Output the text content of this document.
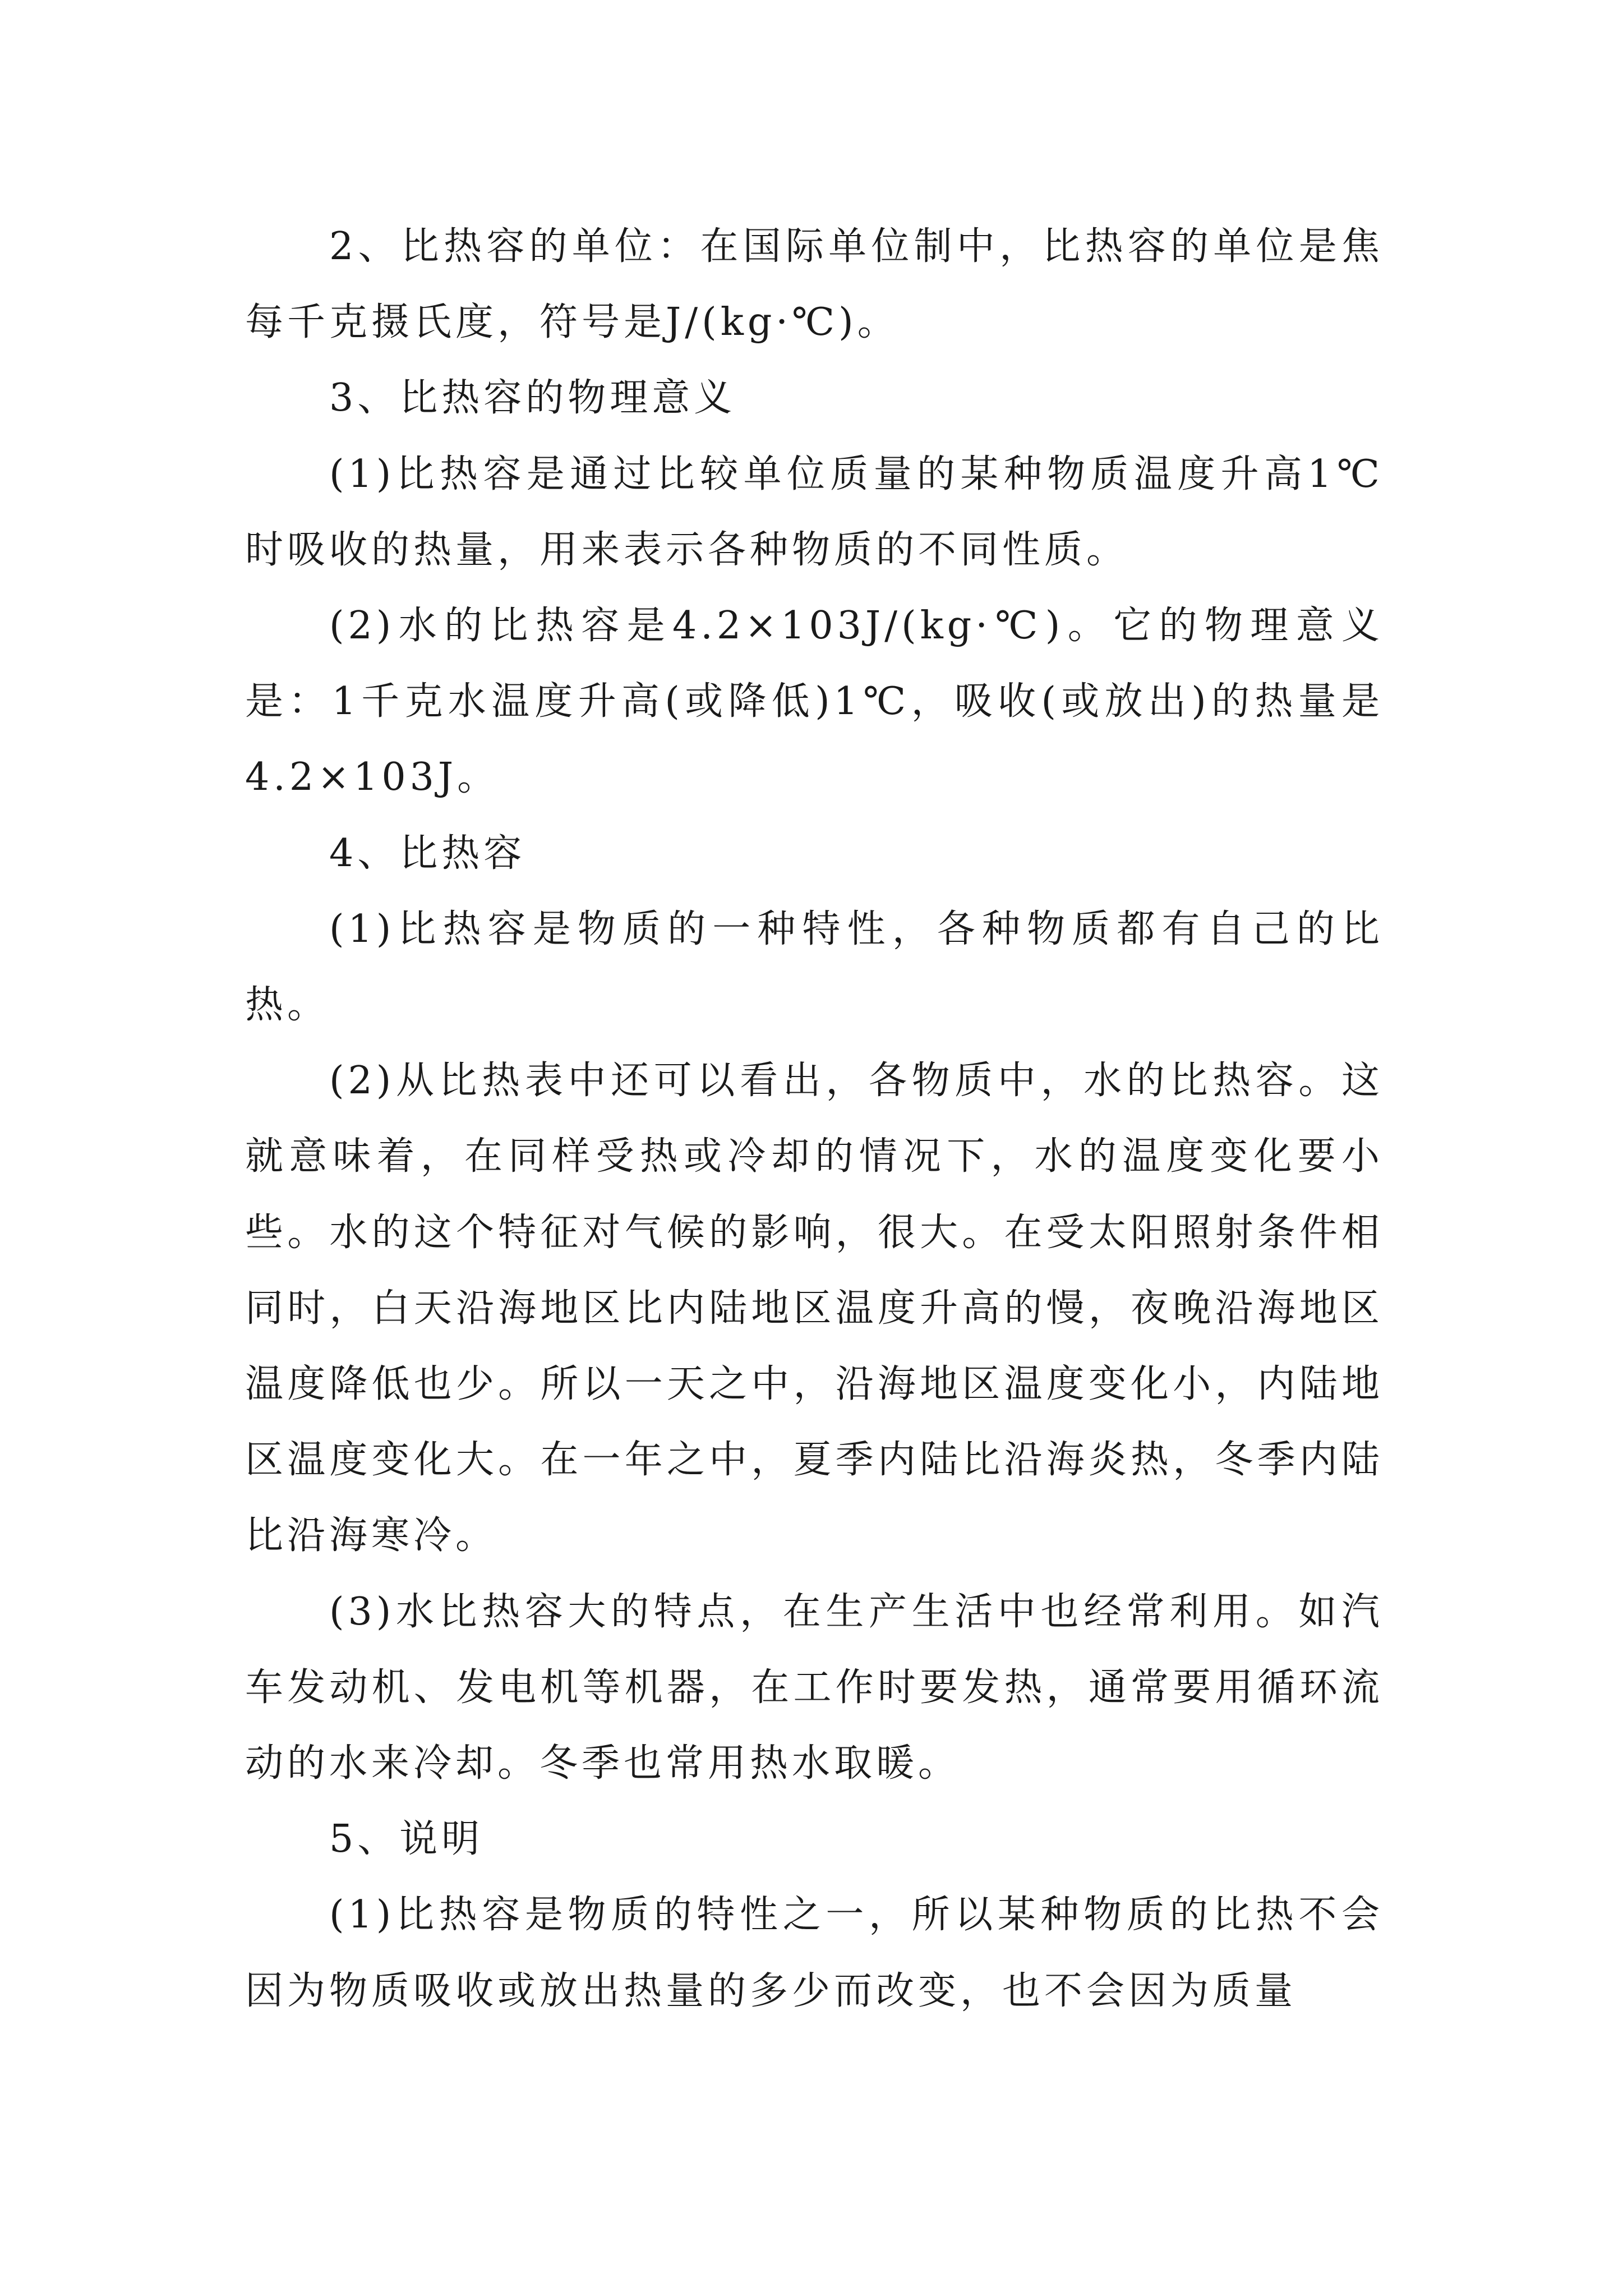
2、比热容的单位：在国际单位制中，比热容的单位是焦每千克摄氏度，符号是J/(kg·℃)。

3、比热容的物理意义

(1)比热容是通过比较单位质量的某种物质温度升高1℃时吸收的热量，用来表示各种物质的不同性质。

(2)水的比热容是4.2×103J/(kg·℃)。它的物理意义是：1千克水温度升高(或降低)1℃，吸收(或放出)的热量是4.2×103J。

4、比热容

(1)比热容是物质的一种特性，各种物质都有自己的比热。

(2)从比热表中还可以看出，各物质中，水的比热容。这就意味着，在同样受热或冷却的情况下，水的温度变化要小些。水的这个特征对气候的影响，很大。在受太阳照射条件相同时，白天沿海地区比内陆地区温度升高的慢，夜晚沿海地区温度降低也少。所以一天之中，沿海地区温度变化小，内陆地区温度变化大。在一年之中，夏季内陆比沿海炎热，冬季内陆比沿海寒冷。

(3)水比热容大的特点，在生产生活中也经常利用。如汽车发动机、发电机等机器，在工作时要发热，通常要用循环流动的水来冷却。冬季也常用热水取暖。

5、说明

(1)比热容是物质的特性之一，所以某种物质的比热不会因为物质吸收或放出热量的多少而改变，也不会因为质量
